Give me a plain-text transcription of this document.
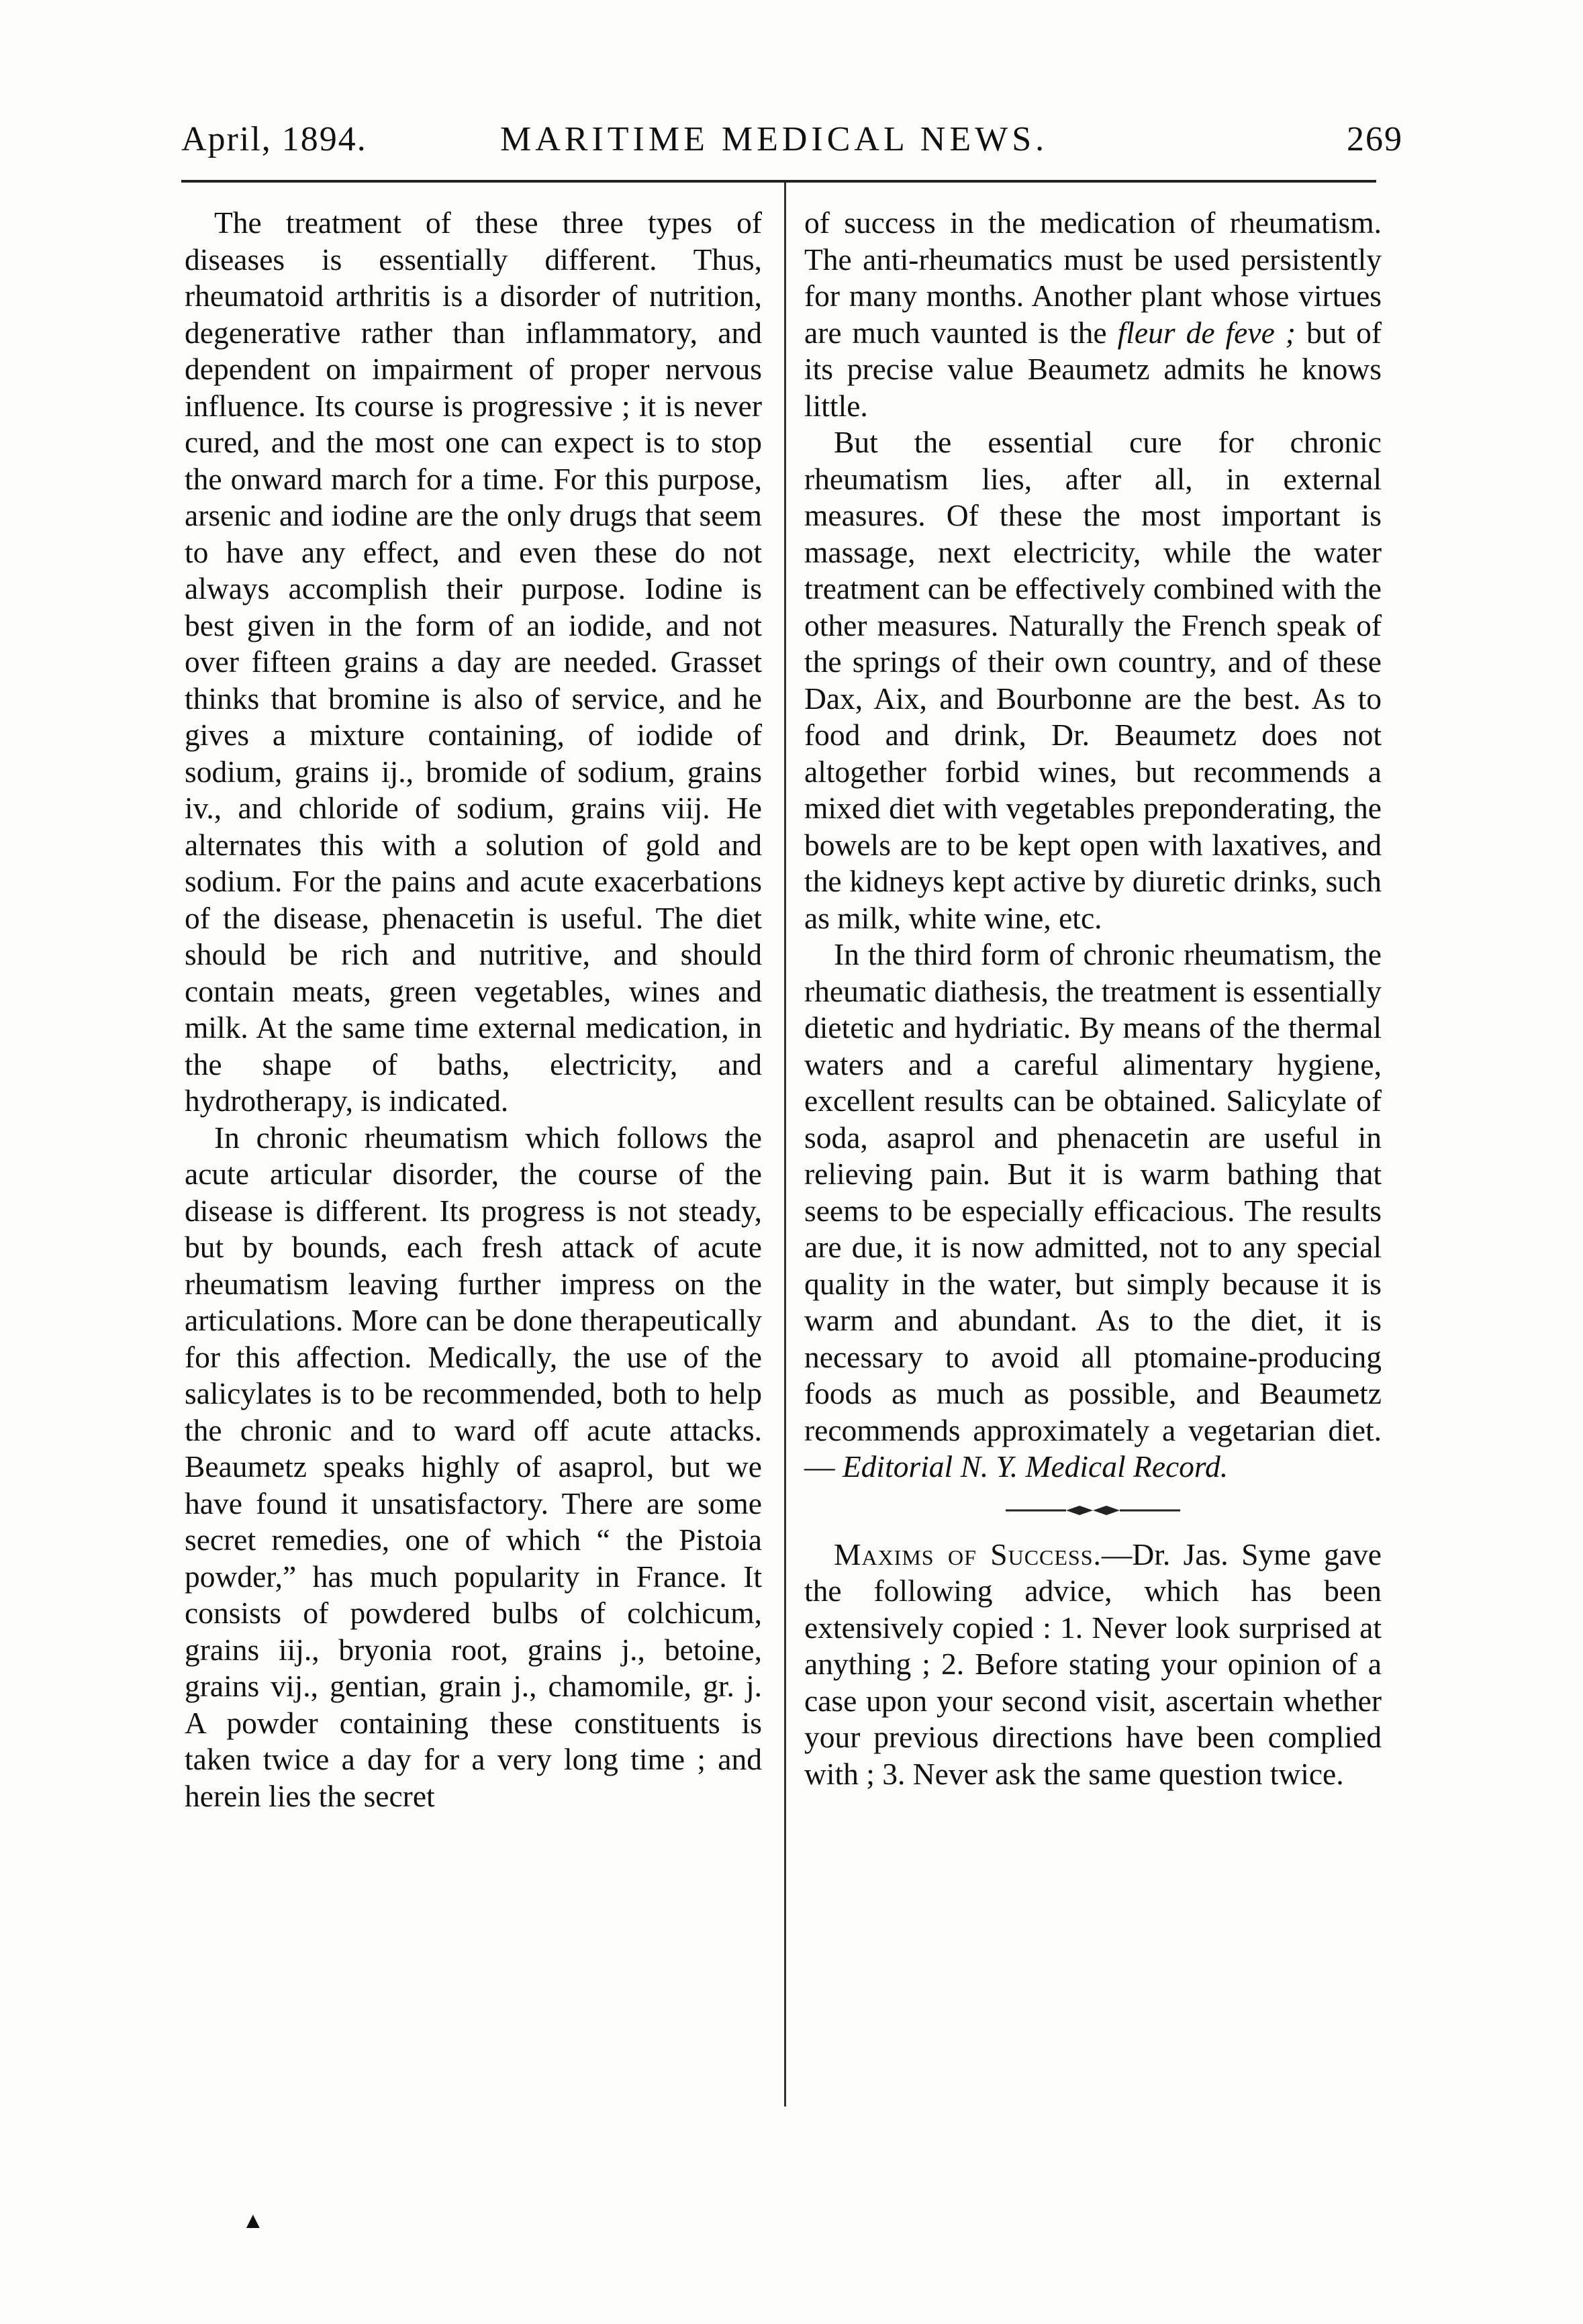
April, 1894.	MARITIME MEDICAL NEWS.	269

The treatment of these three types of diseases is essentially different. Thus, rheumatoid arthritis is a disorder of nutrition, degenerative rather than inflammatory, and dependent on impairment of proper nervous influence. Its course is progressive ; it is never cured, and the most one can expect is to stop the onward march for a time. For this purpose, arsenic and iodine are the only drugs that seem to have any effect, and even these do not always accomplish their purpose. Iodine is best given in the form of an iodide, and not over fifteen grains a day are needed. Grasset thinks that bromine is also of service, and he gives a mixture containing, of iodide of sodium, grains ij., bromide of sodium, grains iv., and chloride of sodium, grains viij. He alternates this with a solution of gold and sodium. For the pains and acute exacerbations of the disease, phenacetin is useful. The diet should be rich and nutritive, and should contain meats, green vegetables, wines and milk. At the same time external medication, in the shape of baths, electricity, and hydrotherapy, is indicated.

In chronic rheumatism which follows the acute articular disorder, the course of the disease is different. Its progress is not steady, but by bounds, each fresh attack of acute rheumatism leaving further impress on the articulations. More can be done therapeutically for this affection. Medically, the use of the salicylates is to be recommended, both to help the chronic and to ward off acute attacks. Beaumetz speaks highly of asaprol, but we have found it unsatisfactory. There are some secret remedies, one of which “ the Pistoia powder,” has much popularity in France. It consists of powdered bulbs of colchicum, grains iij., bryonia root, grains j., betoine, grains vij., gentian, grain j., chamomile, gr. j. A powder containing these constituents is taken twice a day for a very long time ; and herein lies the secret

of success in the medication of rheumatism. The anti-rheumatics must be used persistently for many months. Another plant whose virtues are much vaunted is the fleur de feve ; but of its precise value Beaumetz admits he knows little.

But the essential cure for chronic rheumatism lies, after all, in external measures. Of these the most important is massage, next electricity, while the water treatment can be effectively combined with the other measures. Naturally the French speak of the springs of their own country, and of these Dax, Aix, and Bourbonne are the best. As to food and drink, Dr. Beaumetz does not altogether forbid wines, but recommends a mixed diet with vegetables preponderating, the bowels are to be kept open with laxatives, and the kidneys kept active by diuretic drinks, such as milk, white wine, etc.

In the third form of chronic rheumatism, the rheumatic diathesis, the treatment is essentially dietetic and hydriatic. By means of the thermal waters and a careful alimentary hygiene, excellent results can be obtained. Salicylate of soda, asaprol and phenacetin are useful in relieving pain. But it is warm bathing that seems to be especially efficacious. The results are due, it is now admitted, not to any special quality in the water, but simply because it is warm and abundant. As to the diet, it is necessary to avoid all ptomaine-producing foods as much as possible, and Beaumetz recommends approximately a vegetarian diet. — Editorial N. Y. Medical Record.

Maxims of Success.—Dr. Jas. Syme gave the following advice, which has been extensively copied : 1. Never look surprised at anything ; 2. Before stating your opinion of a case upon your second visit, ascertain whether your previous directions have been complied with ; 3. Never ask the same question twice.

▲
